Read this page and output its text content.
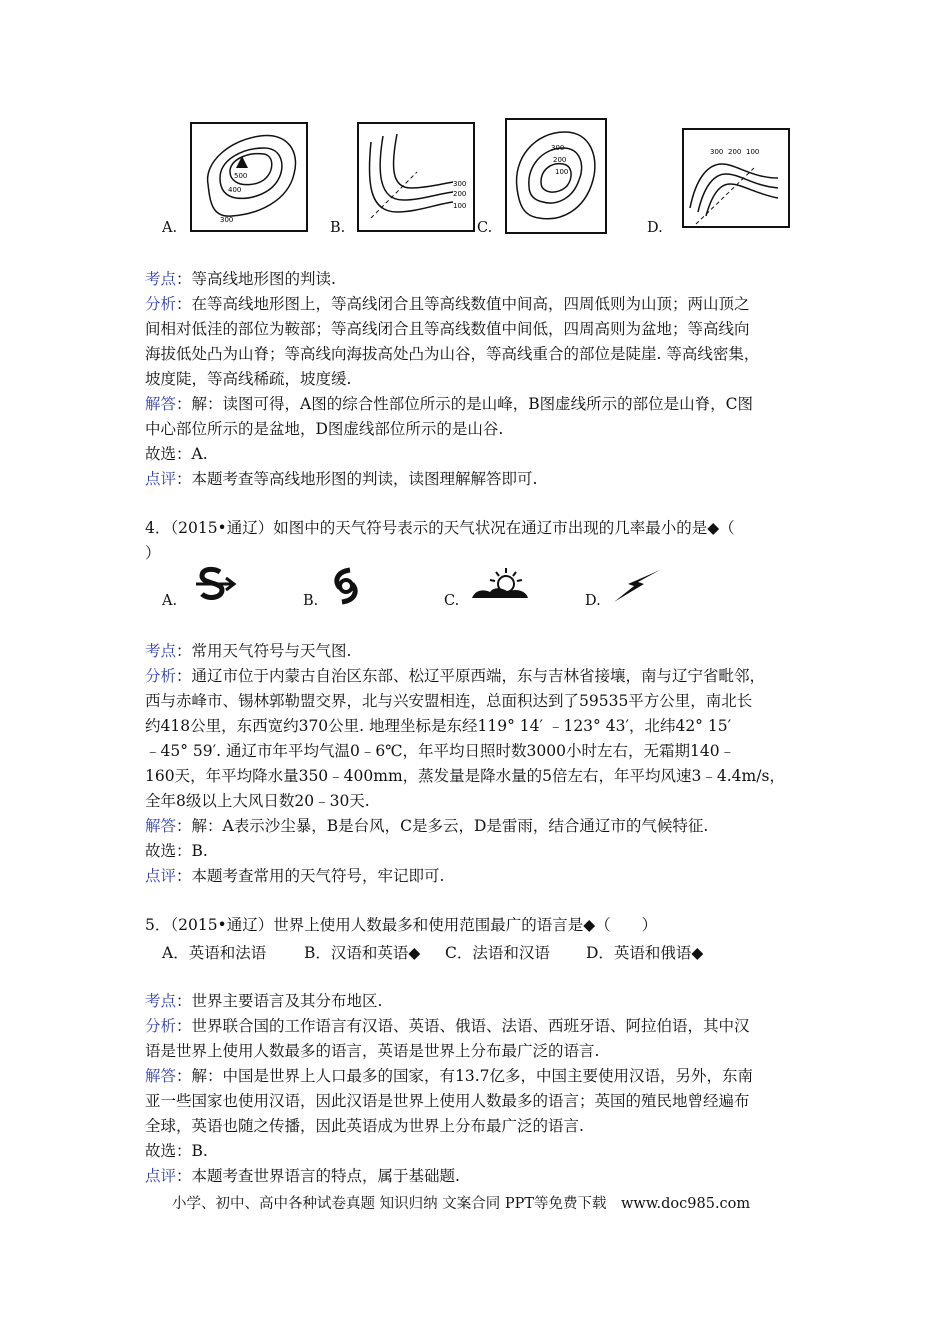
500
400
300
A.
300
200
100
B.
300
200
100
C.
300 200 100
D.
考点：等高线地形图的判读.
分析：在等高线地形图上，等高线闭合且等高线数值中间高，四周低则为山顶；两山顶之
间相对低洼的部位为鞍部；等高线闭合且等高线数值中间低，四周高则为盆地；等高线向
海拔低处凸为山脊；等高线向海拔高处凸为山谷，等高线重合的部位是陡崖. 等高线密集，
坡度陡，等高线稀疏，坡度缓.
解答：解：读图可得，A图的综合性部位所示的是山峰，B图虚线所示的部位是山脊，C图
中心部位所示的是盆地，D图虚线部位所示的是山谷.
故选：A.
点评：本题考查等高线地形图的判读，读图理解解答即可.
4．（2015•通辽）如图中的天气符号表示的天气状况在通辽市出现的几率最小的是◆（
）
A.	B.	C.	D.
考点：常用天气符号与天气图.
分析：通辽市位于内蒙古自治区东部、松辽平原西端，东与吉林省接壤，南与辽宁省毗邻，
西与赤峰市、锡林郭勒盟交界，北与兴安盟相连，总面积达到了59535平方公里，南北长
约418公里，东西宽约370公里. 地理坐标是东经119° 14′ ﹣123° 43′，北纬42° 15′
﹣45° 59′. 通辽市年平均气温0﹣6℃，年平均日照时数3000小时左右，无霜期140﹣
160天，年平均降水量350﹣400mm，蒸发量是降水量的5倍左右，年平均风速3﹣4.4m/s，
全年8级以上大风日数20﹣30天.
解答：解：A表示沙尘暴，B是台风，C是多云，D是雷雨，结合通辽市的气候特征.
故选：B.
点评：本题考查常用的天气符号，牢记即可.
5．（2015•通辽）世界上使用人数最多和使用范围最广的语言是◆（　　）
A．英语和法语 B．汉语和英语◆ C．法语和汉语 D．英语和俄语◆
考点：世界主要语言及其分布地区.
分析：世界联合国的工作语言有汉语、英语、俄语、法语、西班牙语、阿拉伯语，其中汉
语是世界上使用人数最多的语言，英语是世界上分布最广泛的语言.
解答：解：中国是世界上人口最多的国家，有13.7亿多，中国主要使用汉语，另外，东南
亚一些国家也使用汉语，因此汉语是世界上使用人数最多的语言；英国的殖民地曾经遍布
全球，英语也随之传播，因此英语成为世界上分布最广泛的语言.
故选：B.
点评：本题考查世界语言的特点，属于基础题.
小学、初中、高中各种试卷真题 知识归纳 文案合同 PPT等免费下载　www.doc985.com
